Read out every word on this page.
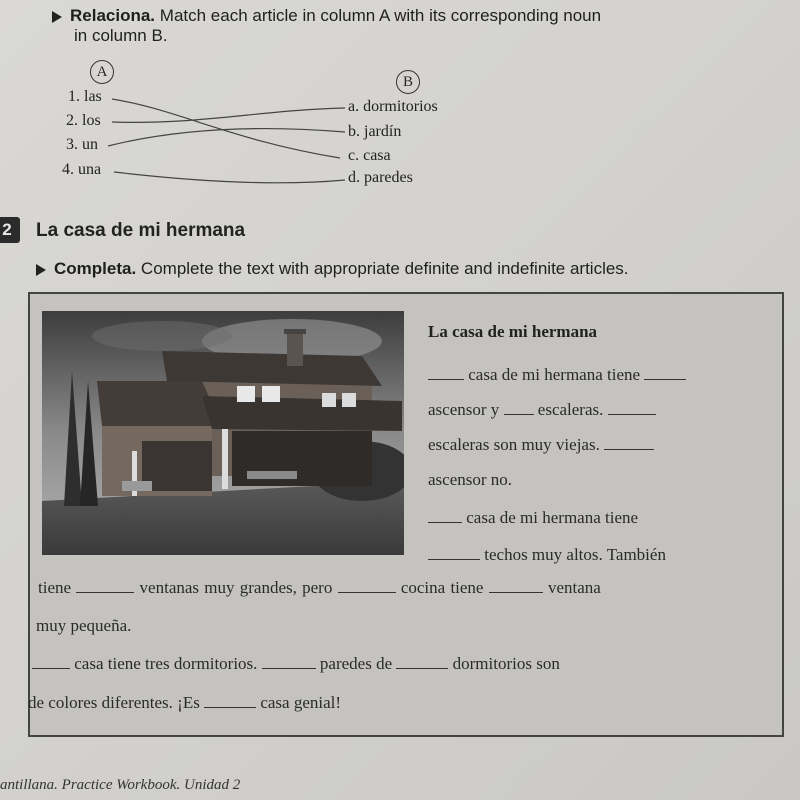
Relaciona. Match each article in column A with its corresponding noun
in column B.
A
B
1. las
2. los
3. un
4. una
a. dormitorios
b. jardín
c. casa
d. paredes
2	La casa de mi hermana
Completa. Complete the text with appropriate definite and indefinite articles.
La casa de mi hermana
casa de mi hermana tiene
ascensor y escaleras.
escaleras son muy viejas.
ascensor no.
casa de mi hermana tiene
techos muy altos. También
tiene	ventanas muy grandes, pero	cocina tiene	ventana
muy pequeña.
casa tiene tres dormitorios.	paredes de	dormitorios son
de colores diferentes. ¡Es	casa genial!
antillana. Practice Workbook. Unidad 2
